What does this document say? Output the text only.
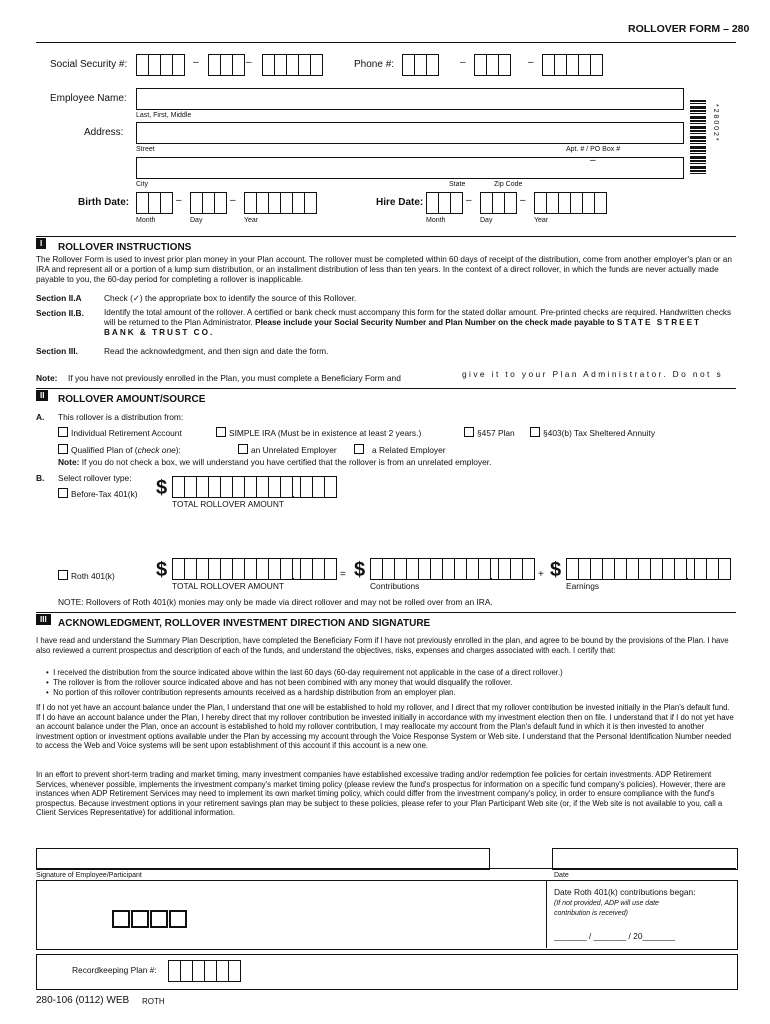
ROLLOVER FORM – 280
Social Security #:	–	–	Phone #:	–	–
Employee Name:
Last, First, Middle
Address:
Street	Apt. # / PO Box #
–
City	State	Zip Code
* 2 8 0 0 2 *
Birth Date:	–	–
Month	Day	Year
Hire Date:	–	–
Month	Day	Year
I	ROLLOVER INSTRUCTIONS
The Rollover Form is used to invest prior plan money in your Plan account. The rollover must be completed within 60 days of receipt of the distribution, come from another employer's plan or an IRA and represent all or a portion of a lump sum distribution, or an installment distribution of less than ten years. In the context of a direct rollover, in which the funds are never actually made payable to you, the 60-day period for completing a rollover is inapplicable.
Section II.A	Check (✓) the appropriate box to identify the source of this Rollover.
Section II.B. Identify the total amount of the rollover. A certified or bank check must accompany this form for the stated dollar amount. Pre-printed checks are required. Handwritten checks will be returned to the Plan Administrator. Please include your Social Security Number and Plan Number on the check made payable to STATE STREET BANK & TRUST CO.
Section III.	Read the acknowledgment, and then sign and date the form.
Note: If you have not previously enrolled in the Plan, you must complete a Beneficiary Form and	give it to your Plan Administrator. Do not s
II	ROLLOVER AMOUNT/SOURCE
A. This rollover is a distribution from:
Individual Retirement Account	SIMPLE IRA (Must be in existence at least 2 years.)	§457 Plan	§403(b) Tax Sheltered Annuity
Qualified Plan of (check one):	an Unrelated Employer	a Related Employer
Note: If you do not check a box, we will understand you have certified that the rollover is from an unrelated employer.
B. Select rollover type:
Before-Tax 401(k) $	.
TOTAL ROLLOVER AMOUNT
Roth 401(k) $	.
TOTAL ROLLOVER AMOUNT
= $	.
Contributions
+ $	.
Earnings
NOTE: Rollovers of Roth 401(k) monies may only be made via direct rollover and may not be rolled over from an IRA.
III	ACKNOWLEDGMENT, ROLLOVER INVESTMENT DIRECTION AND SIGNATURE
I have read and understand the Summary Plan Description, have completed the Beneficiary Form if I have not previously enrolled in the plan, and agree to be bound by the provisions of the Plan. I have also reviewed a current prospectus and description of each of the funds, and understand the objectives, risks, expenses and charges associated with each. I certify that:
•  I received the distribution from the source indicated above within the last 60 days (60-day requirement not applicable in the case of a direct rollover.)
•  The rollover is from the rollover source indicated above and has not been combined with any money that would disqualify the rollover.
•  No portion of this rollover contribution represents amounts received as a hardship distribution from an employer plan.
If I do not yet have an account balance under the Plan, I understand that one will be established to hold my rollover, and I direct that my rollover contribution be invested initially in the Plan's default fund. If I do have an account balance under the Plan, I hereby direct that my rollover contribution be invested initially in accordance with my investment election then on file. I understand that if I do not yet have an account balance under the Plan, once an account is established to hold my rollover contribution, I may reallocate my account from the Plan's default fund in which it is then invested to another investment option or investment options available under the Plan by accessing my account through the Voice Response System or Web site. I understand that the Personal Identification Number needed to access the Web and Voice systems will be sent upon establishment of this account if this account is a new one.
In an effort to prevent short-term trading and market timing, many investment companies have established excessive trading and/or redemption fee policies for certain investments. ADP Retirement Services, whenever possible, implements the investment company's market timing policy (please review the fund's prospectus for information on a specific fund company's policies). However, there are instances when ADP Retirement Services may need to implement its own market timing policy, which could differ from the investment company's policy, in order to ensure compliance with the fund's prospectus. Because investment options in your retirement savings plan may be subject to these policies, please refer to your Plan Participant Web site (or, if the Web site is not available to you, call a Client Services Representative) for additional information.
Signature of Employee/Participant	Date
Date Roth 401(k) contributions began:
(If not provided, ADP will use date
contribution is received)
_______ / _______ / 20_______
Recordkeeping Plan #:
280-106 (0112) WEB ROTH
